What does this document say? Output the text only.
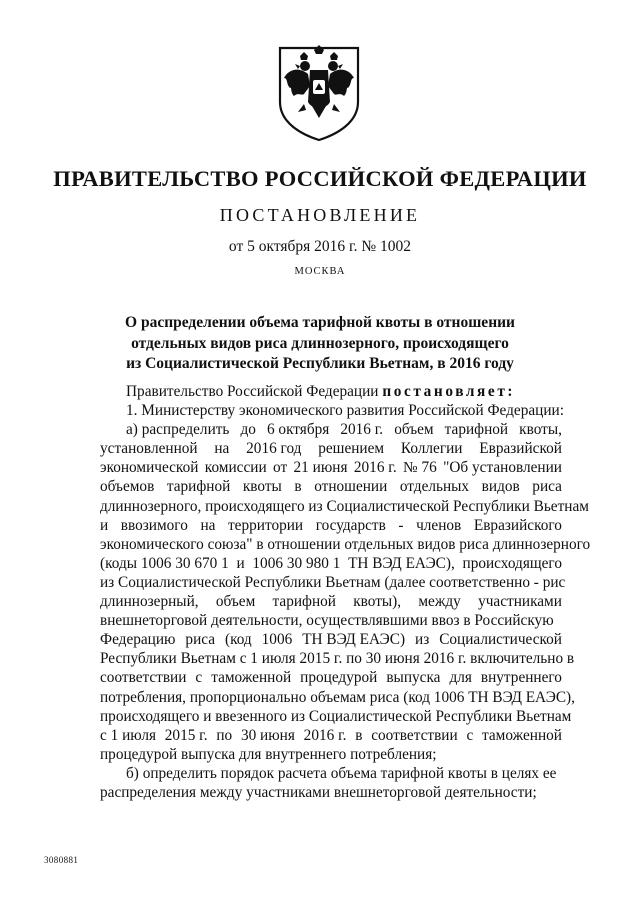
ПРАВИТЕЛЬСТВО РОССИЙСКОЙ ФЕДЕРАЦИИ
ПОСТАНОВЛЕНИЕ
от 5 октября 2016 г. № 1002
МОСКВА
О распределении объема тарифной квоты в отношении
отдельных видов риса длиннозерного, происходящего
из Социалистической Республики Вьетнам, в 2016 году
Правительство Российской Федерации постановляет:
1. Министерству экономического развития Российской Федерации:
а) распределить до 6 октября 2016 г. объем тарифной квоты,
установленной на 2016 год решением Коллегии Евразийской
экономической комиссии от 21 июня 2016 г. № 76 "Об установлении
объемов тарифной квоты в отношении отдельных видов риса
длиннозерного, происходящего из Социалистической Республики Вьетнам
и ввозимого на территории государств - членов Евразийского
экономического союза" в отношении отдельных видов риса длиннозерного
(коды 1006 30 670 1 и 1006 30 980 1 ТН ВЭД ЕАЭС), происходящего
из Социалистической Республики Вьетнам (далее соответственно - рис
длиннозерный, объем тарифной квоты), между участниками
внешнеторговой деятельности, осуществлявшими ввоз в Российскую
Федерацию риса (код 1006 ТН ВЭД ЕАЭС) из Социалистической
Республики Вьетнам с 1 июля 2015 г. по 30 июня 2016 г. включительно в
соответствии с таможенной процедурой выпуска для внутреннего
потребления, пропорционально объемам риса (код 1006 ТН ВЭД ЕАЭС),
происходящего и ввезенного из Социалистической Республики Вьетнам
с 1 июля 2015 г. по 30 июня 2016 г. в соответствии с таможенной
процедурой выпуска для внутреннего потребления;
б) определить порядок расчета объема тарифной квоты в целях ее
распределения между участниками внешнеторговой деятельности;
3080881
